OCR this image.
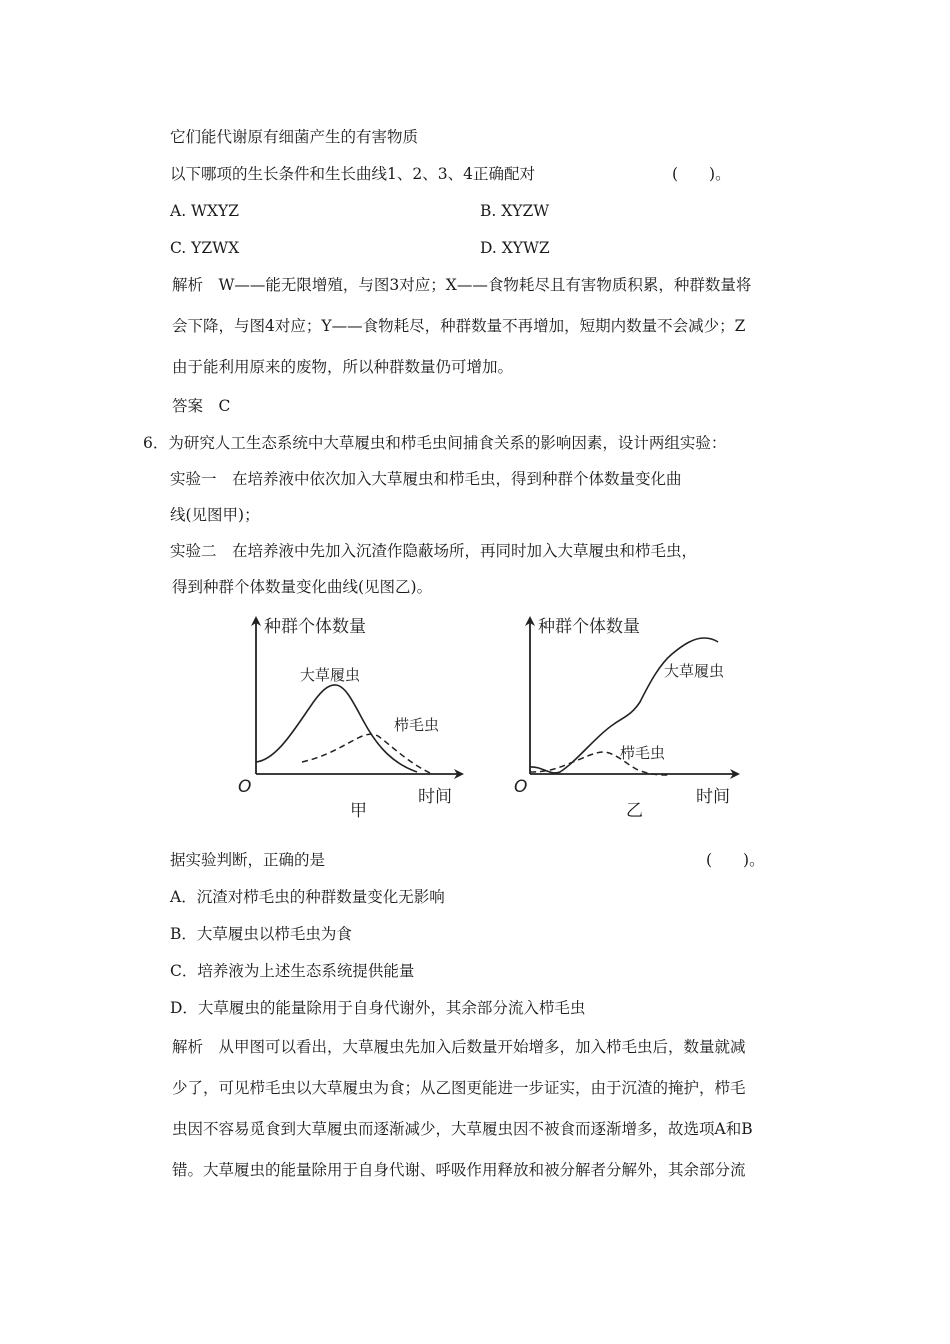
它们能代谢原有细菌产生的有害物质
以下哪项的生长条件和生长曲线1、2、3、4正确配对	(　　)。
A. WXYZ	B. XYZW
C. YZWX	D. XYWZ
解析　W——能无限增殖，与图3对应；X——食物耗尽且有害物质积累，种群数量将
会下降，与图4对应；Y——食物耗尽，种群数量不再增加，短期内数量不会减少；Z
由于能利用原来的废物，所以种群数量仍可增加。
答案　C
6．为研究人工生态系统中大草履虫和栉毛虫间捕食关系的影响因素，设计两组实验：
实验一　在培养液中依次加入大草履虫和栉毛虫，得到种群个体数量变化曲
线(见图甲)；
实验二　在培养液中先加入沉渣作隐蔽场所，再同时加入大草履虫和栉毛虫，
得到种群个体数量变化曲线(见图乙)。
种群个体数量
O	时间
甲
大草履虫
栉毛虫
种群个体数量
O	时间
乙
大草履虫
栉毛虫
据实验判断，正确的是	(　　)。
A．沉渣对栉毛虫的种群数量变化无影响
B．大草履虫以栉毛虫为食
C．培养液为上述生态系统提供能量
D．大草履虫的能量除用于自身代谢外，其余部分流入栉毛虫
解析　从甲图可以看出，大草履虫先加入后数量开始增多，加入栉毛虫后，数量就减
少了，可见栉毛虫以大草履虫为食；从乙图更能进一步证实，由于沉渣的掩护，栉毛
虫因不容易觅食到大草履虫而逐渐减少，大草履虫因不被食而逐渐增多，故选项A和B
错。大草履虫的能量除用于自身代谢、呼吸作用释放和被分解者分解外，其余部分流
